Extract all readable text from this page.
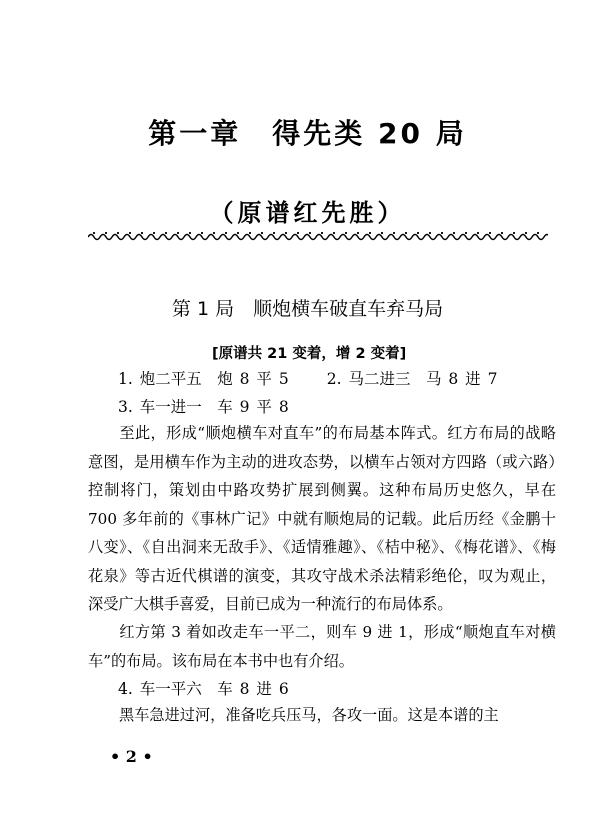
第一章　得先类 20 局
（原谱红先胜）
第 1 局　顺炮横车破直车弃马局
[原谱共 21 变着，增 2 变着]
1. 炮二平五　炮 8 平 5 2. 马二进三　马 8 进 7
3. 车一进一　车 9 平 8
至此，形成“顺炮横车对直车”的布局基本阵式。红方布局的战略意图，是用横车作为主动的进攻态势，以横车占领对方四路（或六路）控制将门，策划由中路攻势扩展到侧翼。这种布局历史悠久，早在 700 多年前的《事林广记》中就有顺炮局的记载。此后历经《金鹏十八变》、《自出洞来无敌手》、《适情雅趣》、《桔中秘》、《梅花谱》、《梅花泉》等古近代棋谱的演变，其攻守战术杀法精彩绝伦，叹为观止，深受广大棋手喜爱，目前已成为一种流行的布局体系。
红方第 3 着如改走车一平二，则车 9 进 1，形成“顺炮直车对横车”的布局。该布局在本书中也有介绍。
4. 车一平六　车 8 进 6
黑车急进过河，准备吃兵压马，各攻一面。这是本谱的主
• 2 •
